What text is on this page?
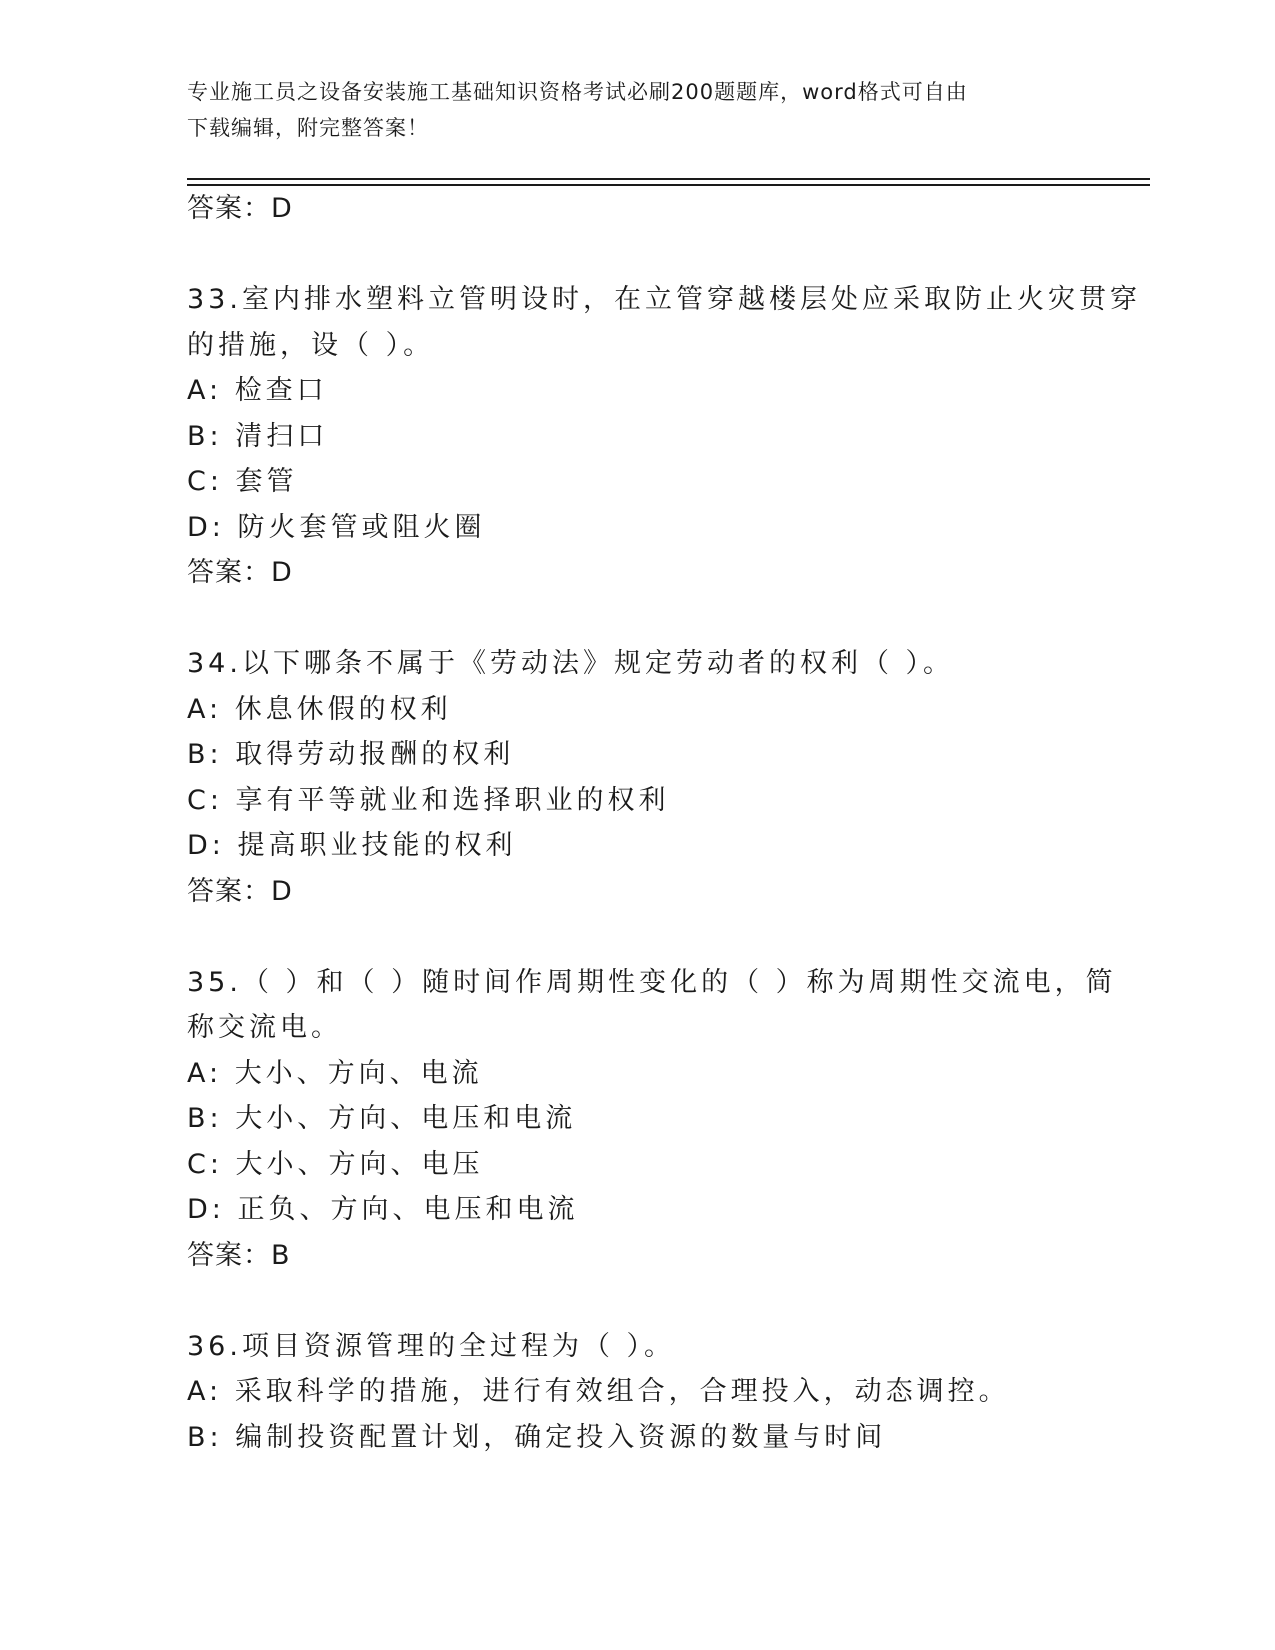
专业施工员之设备安装施工基础知识资格考试必刷200题题库，word格式可自由
下载编辑，附完整答案！
答案：D
33.室内排水塑料立管明设时，在立管穿越楼层处应采取防止火灾贯穿
的措施，设（ ）。
A: 检查口
B: 清扫口
C: 套管
D: 防火套管或阻火圈
答案：D
34.以下哪条不属于《劳动法》规定劳动者的权利（ ）。
A: 休息休假的权利
B: 取得劳动报酬的权利
C: 享有平等就业和选择职业的权利
D: 提高职业技能的权利
答案：D
35.（ ）和（ ）随时间作周期性变化的（ ）称为周期性交流电，简
称交流电。
A: 大小、方向、电流
B: 大小、方向、电压和电流
C: 大小、方向、电压
D: 正负、方向、电压和电流
答案：B
36.项目资源管理的全过程为（ ）。
A: 采取科学的措施，进行有效组合，合理投入，动态调控。
B: 编制投资配置计划，确定投入资源的数量与时间
